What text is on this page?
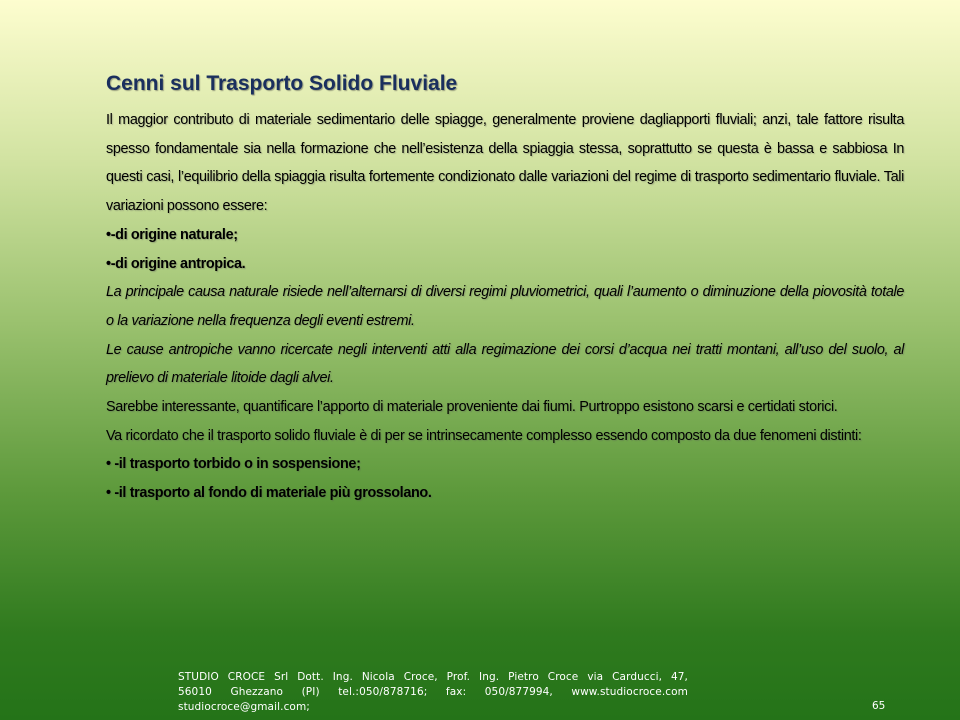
Cenni sul Trasporto Solido Fluviale

Il maggior contributo di materiale sedimentario delle spiagge, generalmente proviene dagliapporti fluviali; anzi, tale fattore risulta spesso fondamentale sia nella formazione che nell’esistenza della spiaggia stessa, soprattutto se questa è bassa e sabbiosa In questi casi, l’equilibrio della spiaggia risulta fortemente condizionato dalle variazioni del regime di trasporto sedimentario fluviale. Tali variazioni possono essere:

•-di origine naturale;

•-di origine antropica.

La principale causa naturale risiede nell’alternarsi di diversi regimi pluviometrici, quali l’aumento o diminuzione della piovosità totale o la variazione nella frequenza degli eventi estremi.

Le cause antropiche vanno ricercate negli interventi atti alla regimazione dei corsi d’acqua nei tratti montani, all’uso del suolo, al prelievo di materiale litoide dagli alvei.

Sarebbe interessante, quantificare l’apporto di materiale proveniente dai fiumi. Purtroppo esistono scarsi e certidati storici.

Va ricordato che il trasporto solido fluviale è di per se intrinsecamente complesso essendo composto da due fenomeni distinti:

• -il trasporto torbido o in sospensione;

• -il trasporto al fondo di materiale più grossolano.

STUDIO CROCE Srl Dott. Ing. Nicola Croce, Prof. Ing. Pietro Croce via Carducci, 47,
56010 Ghezzano (PI) tel.:050/878716; fax: 050/877994, www.studiocroce.com
studiocroce@gmail.com;	65
